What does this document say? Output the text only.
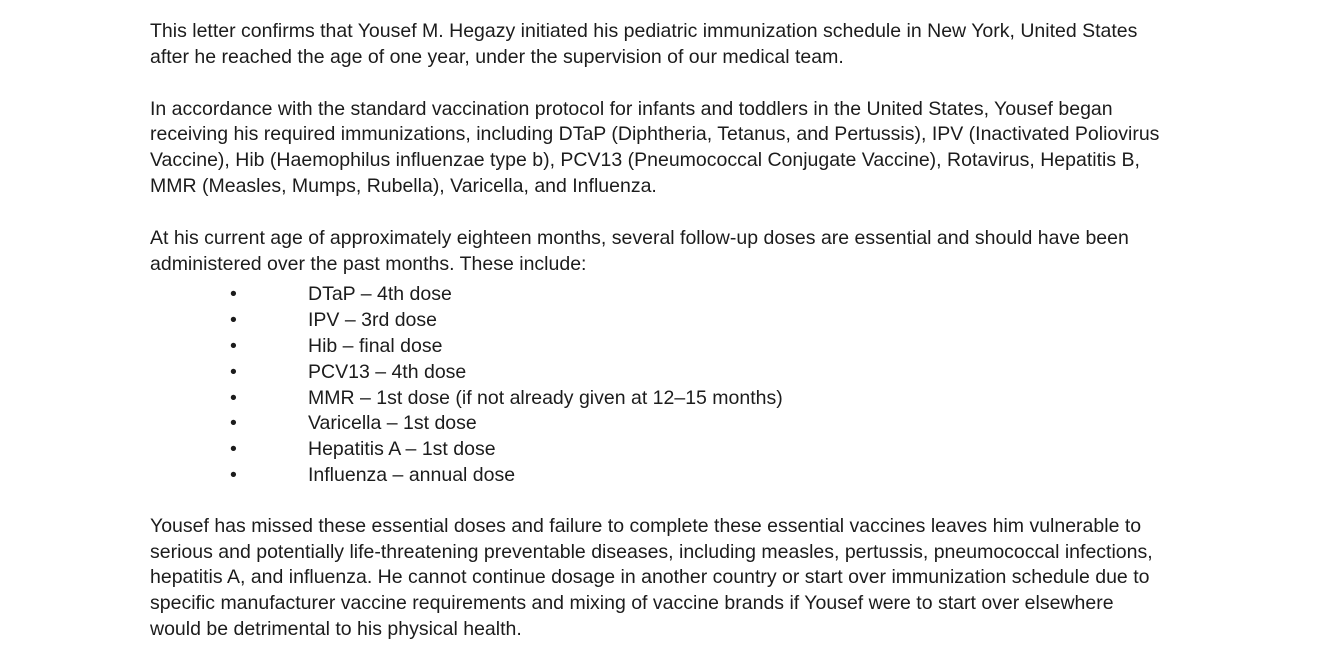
This letter confirms that Yousef M. Hegazy initiated his pediatric immunization schedule in New York, United States
after he reached the age of one year, under the supervision of our medical team.
In accordance with the standard vaccination protocol for infants and toddlers in the United States, Yousef began
receiving his required immunizations, including DTaP (Diphtheria, Tetanus, and Pertussis), IPV (Inactivated Poliovirus
Vaccine), Hib (Haemophilus influenzae type b), PCV13 (Pneumococcal Conjugate Vaccine), Rotavirus, Hepatitis B,
MMR (Measles, Mumps, Rubella), Varicella, and Influenza.
At his current age of approximately eighteen months, several follow-up doses are essential and should have been
administered over the past months. These include:
•	DTaP – 4th dose
•	IPV – 3rd dose
•	Hib – final dose
•	PCV13 – 4th dose
•	MMR – 1st dose (if not already given at 12–15 months)
•	Varicella – 1st dose
•	Hepatitis A – 1st dose
•	Influenza – annual dose
Yousef has missed these essential doses and failure to complete these essential vaccines leaves him vulnerable to
serious and potentially life-threatening preventable diseases, including measles, pertussis, pneumococcal infections,
hepatitis A, and influenza. He cannot continue dosage in another country or start over immunization schedule due to
specific manufacturer vaccine requirements and mixing of vaccine brands if Yousef were to start over elsewhere
would be detrimental to his physical health.
